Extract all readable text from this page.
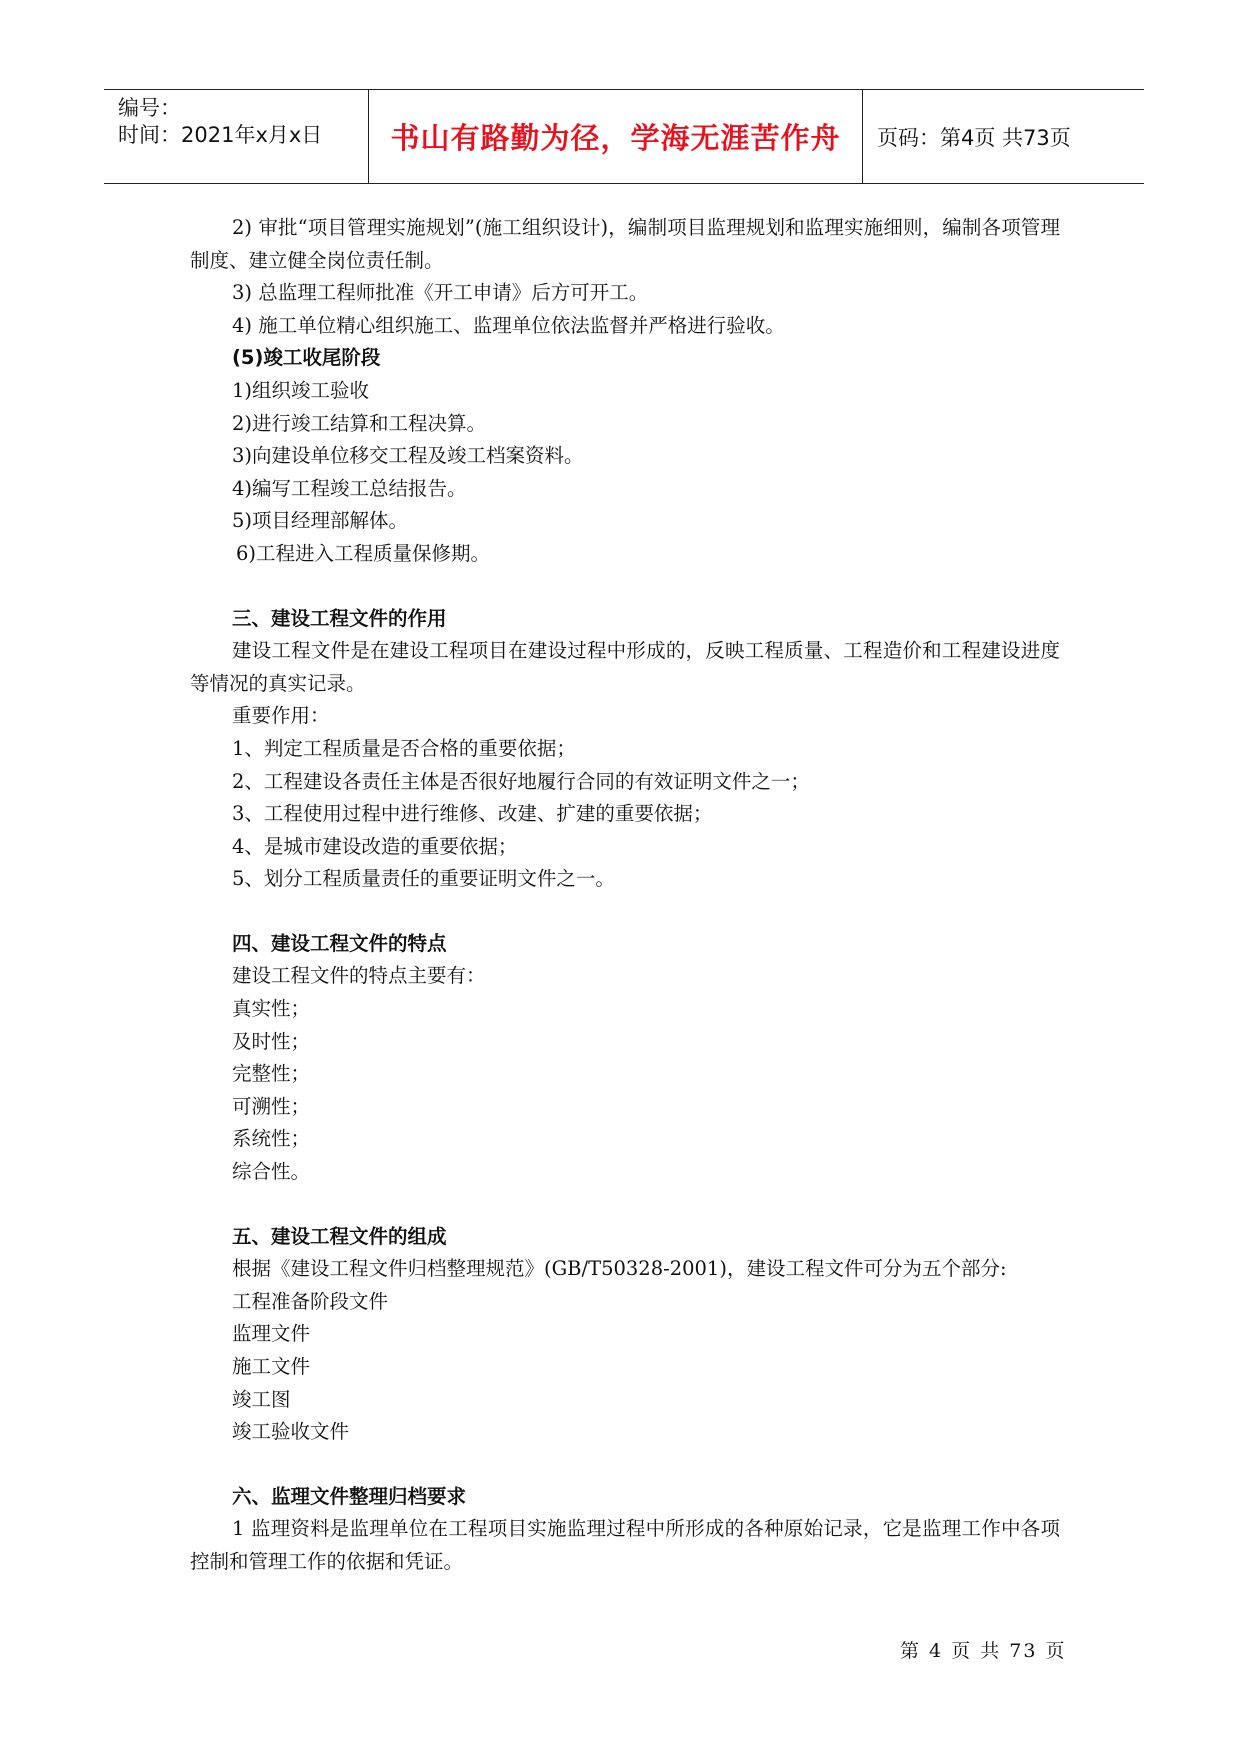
编号：
时间：2021年x月x日	书山有路勤为径，学海无涯苦作舟	页码：第4页 共73页

2) 审批“项目管理实施规划”(施工组织设计)，编制项目监理规划和监理实施细则，编制各项管理制度、建立健全岗位责任制。

3) 总监理工程师批准《开工申请》后方可开工。

4) 施工单位精心组织施工、监理单位依法监督并严格进行验收。

(5)竣工收尾阶段

1)组织竣工验收

2)进行竣工结算和工程决算。

3)向建设单位移交工程及竣工档案资料。

4)编写工程竣工总结报告。

5)项目经理部解体。

6)工程进入工程质量保修期。

三、建设工程文件的作用

建设工程文件是在建设工程项目在建设过程中形成的，反映工程质量、工程造价和工程建设进度等情况的真实记录。

重要作用：

1、判定工程质量是否合格的重要依据；

2、工程建设各责任主体是否很好地履行合同的有效证明文件之一；

3、工程使用过程中进行维修、改建、扩建的重要依据；

4、是城市建设改造的重要依据；

5、划分工程质量责任的重要证明文件之一。

四、建设工程文件的特点

建设工程文件的特点主要有：

真实性；

及时性；

完整性；

可溯性；

系统性；

综合性。

五、建设工程文件的组成

根据《建设工程文件归档整理规范》(GB/T50328-2001)，建设工程文件可分为五个部分:

工程准备阶段文件

监理文件

施工文件

竣工图

竣工验收文件

六、监理文件整理归档要求

1 监理资料是监理单位在工程项目实施监理过程中所形成的各种原始记录，它是监理工作中各项控制和管理工作的依据和凭证。

第 4 页 共 73 页
